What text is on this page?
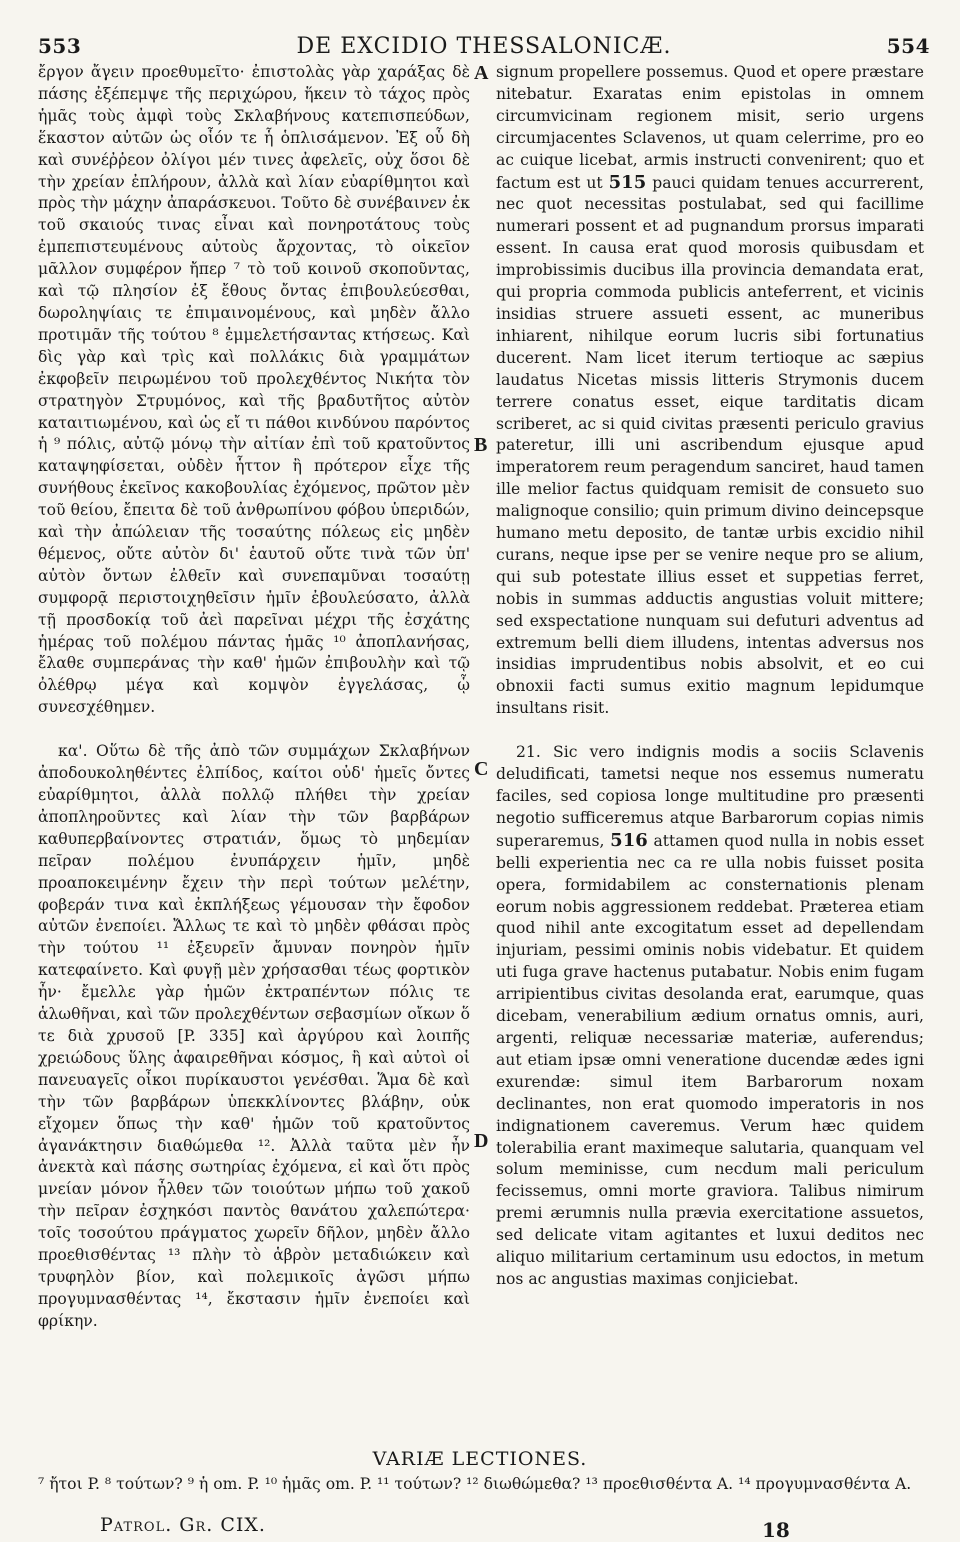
553	DE EXCIDIO THESSALONICÆ.	554

ἔργον ἄγειν προεθυμεῖτο· ἐπιστολὰς γὰρ χαράξας δὲ πάσης ἐξέπεμψε τῆς περιχώρου, ἥκειν τὸ τάχος πρὸς ἡμᾶς τοὺς ἀμφὶ τοὺς Σκλαβήνους κατεπισπεύδων, ἕκαστον αὐτῶν ὡς οἷόν τε ἧ ὁπλισάμενον. Ἐξ οὗ δὴ καὶ συνέῤῥεον ὀλίγοι μέν τινες ἀφελεῖς, οὐχ ὅσοι δὲ τὴν χρείαν ἐπλήρουν, ἀλλὰ καὶ λίαν εὐαρίθμητοι καὶ πρὸς τὴν μάχην ἀπαράσκευοι. Τοῦτο δὲ συνέβαινεν ἐκ τοῦ σκαιούς τινας εἶναι καὶ πονηροτάτους τοὺς ἐμπεπιστευμένους αὐτοὺς ἄρχοντας, τὸ οἰκεῖον μᾶλλον συμφέρον ἤπερ ⁷ τὸ τοῦ κοινοῦ σκοποῦντας, καὶ τῷ πλησίον ἐξ ἔθους ὄντας ἐπιβουλεύεσθαι, δωροληψίαις τε ἐπιμαινομένους, καὶ μηδὲν ἄλλο προτιμᾶν τῆς τούτου ⁸ ἐμμελετήσαντας κτήσεως. Καὶ δὶς γὰρ καὶ τρὶς καὶ πολλάκις διὰ γραμμάτων ἐκφοβεῖν πειρωμένου τοῦ προλεχθέντος Νικήτα τὸν στρατηγὸν Στρυμόνος, καὶ τῆς βραδυτῆτος αὐτὸν καταιτιωμένου, καὶ ὡς εἴ τι πάθοι κινδύνου παρόντος ἡ ⁹ πόλις, αὐτῷ μόνῳ τὴν αἰτίαν ἐπὶ τοῦ κρατοῦντος καταψηφίσεται, οὐδὲν ἧττον ἢ πρότερον εἶχε τῆς συνήθους ἐκεῖνος κακοβουλίας ἐχόμενος, πρῶτον μὲν τοῦ θείου, ἔπειτα δὲ τοῦ ἀνθρωπίνου φόβου ὑπεριδών, καὶ τὴν ἀπώλειαν τῆς τοσαύτης πόλεως εἰς μηδὲν θέμενος, οὔτε αὐτὸν δι' ἑαυτοῦ οὔτε τινὰ τῶν ὑπ' αὐτὸν ὄντων ἐλθεῖν καὶ συνεπαμῦναι τοσαύτῃ συμφορᾷ περιστοιχηθεῖσιν ἡμῖν ἐβουλεύσατο, ἀλλὰ τῇ προσδοκίᾳ τοῦ ἀεὶ παρεῖναι μέχρι τῆς ἐσχάτης ἡμέρας τοῦ πολέμου πάντας ἡμᾶς ¹⁰ ἀποπλανήσας, ἔλαθε συμπεράνας τὴν καθ' ἡμῶν ἐπιβουλὴν καὶ τῷ ὀλέθρῳ μέγα καὶ κομψὸν ἐγγελάσας, ᾧ συνεσχέθημεν.

κα'. Οὕτω δὲ τῆς ἀπὸ τῶν συμμάχων Σκλαβήνων ἀποδουκοληθέντες ἐλπίδος, καίτοι οὐδ' ἡμεῖς ὄντες εὐαρίθμητοι, ἀλλὰ πολλῷ πλήθει τὴν χρείαν ἀποπληροῦντες καὶ λίαν τὴν τῶν βαρβάρων καθυπερβαίνοντες στρατιάν, ὅμως τὸ μηδεμίαν πεῖραν πολέμου ἐνυπάρχειν ἡμῖν, μηδὲ προαποκειμένην ἔχειν τὴν περὶ τούτων μελέτην, φοβεράν τινα καὶ ἐκπλήξεως γέμουσαν τὴν ἔφοδον αὐτῶν ἐνεποίει. Ἄλλως τε καὶ τὸ μηδὲν φθάσαι πρὸς τὴν τούτου ¹¹ ἐξευρεῖν ἄμυναν πονηρὸν ἡμῖν κατεφαίνετο. Καὶ φυγῇ μὲν χρήσασθαι τέως φορτικὸν ἦν· ἔμελλε γὰρ ἡμῶν ἐκτραπέντων πόλις τε ἁλωθῆναι, καὶ τῶν προλεχθέντων σεβασμίων οἴκων ὅ τε διὰ χρυσοῦ [P. 335] καὶ ἀργύρου καὶ λοιπῆς χρειώδους ὕλης ἀφαιρεθῆναι κόσμος, ἢ καὶ αὐτοὶ οἱ πανευαγεῖς οἶκοι πυρίκαυστοι γενέσθαι. Ἅμα δὲ καὶ τὴν τῶν βαρβάρων ὑπεκκλίνοντες βλάβην, οὐκ εἴχομεν ὅπως τὴν καθ' ἡμῶν τοῦ κρατοῦντος ἀγανάκτησιν διαθώμεθα ¹². Ἀλλὰ ταῦτα μὲν ἦν ἀνεκτὰ καὶ πάσης σωτηρίας ἐχόμενα, εἰ καὶ ὅτι πρὸς μνείαν μόνον ἦλθεν τῶν τοιούτων μήπω τοῦ χακοῦ τὴν πεῖραν ἐσχηκόσι παντὸς θανάτου χαλεπώτερα· τοῖς τοσούτου πράγματος χωρεῖν δῆλον, μηδὲν ἄλλο προεθισθέντας ¹³ πλὴν τὸ ἁβρὸν μεταδιώκειν καὶ τρυφηλὸν βίον, καὶ πολεμικοῖς ἀγῶσι μήπω προγυμνασθέντας ¹⁴, ἔκστασιν ἡμῖν ἐνεποίει καὶ φρίκην.

A
B
C
D

signum propellere possemus. Quod et opere præstare nitebatur. Exaratas enim epistolas in omnem circumvicinam regionem misit, serio urgens circumjacentes Sclavenos, ut quam celerrime, pro eo ac cuique licebat, armis instructi convenirent; quo et factum est ut 515 pauci quidam tenues accurrerent, nec quot necessitas postulabat, sed qui facillime numerari possent et ad pugnandum prorsus imparati essent. In causa erat quod morosis quibusdam et improbissimis ducibus illa provincia demandata erat, qui propria commoda publicis anteferrent, et vicinis insidias struere assueti essent, ac muneribus inhiarent, nihilque eorum lucris sibi fortunatius ducerent. Nam licet iterum tertioque ac sæpius laudatus Nicetas missis litteris Strymonis ducem terrere conatus esset, eique tarditatis dicam scriberet, ac si quid civitas præsenti periculo gravius pateretur, illi uni ascribendum ejusque apud imperatorem reum peragendum sanciret, haud tamen ille melior factus quidquam remisit de consueto suo malignoque consilio; quin primum divino deincepsque humano metu deposito, de tantæ urbis excidio nihil curans, neque ipse per se venire neque pro se alium, qui sub potestate illius esset et suppetias ferret, nobis in summas adductis angustias voluit mittere; sed exspectatione nunquam sui defuturi adventus ad extremum belli diem illudens, intentas adversus nos insidias imprudentibus nobis absolvit, et eo cui obnoxii facti sumus exitio magnum lepidumque insultans risit.

21. Sic vero indignis modis a sociis Sclavenis deludificati, tametsi neque nos essemus numeratu faciles, sed copiosa longe multitudine pro præsenti negotio sufficeremus atque Barbarorum copias nimis superaremus, 516 attamen quod nulla in nobis esset belli experientia nec ca re ulla nobis fuisset posita opera, formidabilem ac consternationis plenam eorum nobis aggressionem reddebat. Præterea etiam quod nihil ante excogitatum esset ad depellendam injuriam, pessimi ominis nobis videbatur. Et quidem uti fuga grave hactenus putabatur. Nobis enim fugam arripientibus civitas desolanda erat, earumque, quas dicebam, venerabilium ædium ornatus omnis, auri, argenti, reliquæ necessariæ materiæ, auferendus; aut etiam ipsæ omni veneratione ducendæ ædes igni exurendæ: simul item Barbarorum noxam declinantes, non erat quomodo imperatoris in nos indignationem caveremus. Verum hæc quidem tolerabilia erant maximeque salutaria, quanquam vel solum meminisse, cum necdum mali periculum fecissemus, omni morte graviora. Talibus nimirum premi ærumnis nulla prævia exercitatione assuetos, sed delicate vitam agitantes et luxui deditos nec aliquo militarium certaminum usu edoctos, in metum nos ac angustias maximas conjiciebat.

VARIÆ LECTIONES.
⁷ ἤτοι P. ⁸ τούτων? ⁹ ἡ om. P. ¹⁰ ἡμᾶς om. P. ¹¹ τούτων? ¹² διωθώμεθα? ¹³ προεθισθέντα A. ¹⁴ προγυμνασθέντα A.
Patrol. Gr. CIX.	18
